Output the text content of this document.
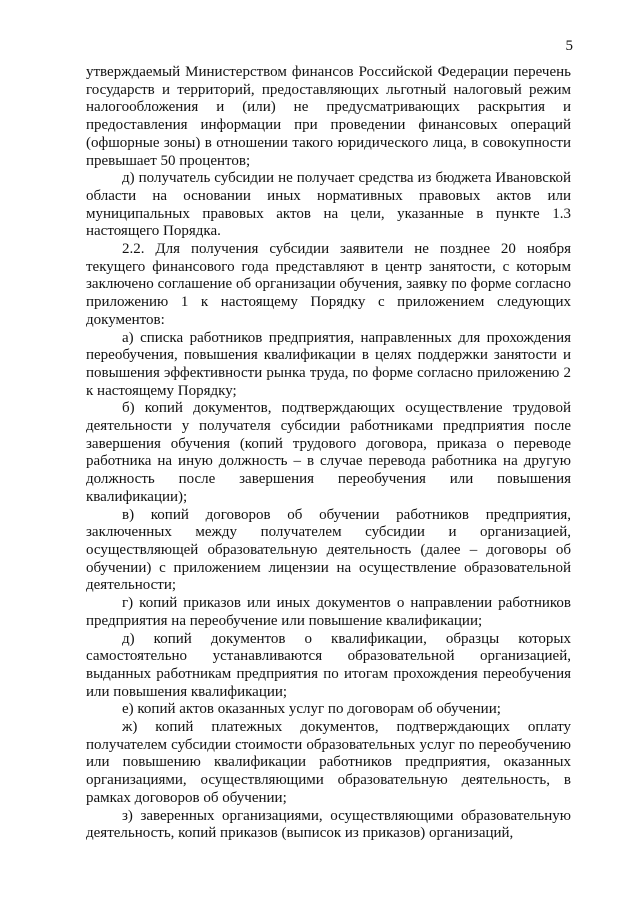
5

утверждаемый Министерством финансов Российской Федерации перечень государств и территорий, предоставляющих льготный налоговый режим налогообложения и (или) не предусматривающих раскрытия и предоставления информации при проведении финансовых операций (офшорные зоны) в отношении такого юридического лица, в совокупности превышает 50 процентов;

д) получатель субсидии не получает средства из бюджета Ивановской области на основании иных нормативных правовых актов или муниципальных правовых актов на цели, указанные в пункте 1.3 настоящего Порядка.

2.2. Для получения субсидии заявители не позднее 20 ноября текущего финансового года представляют в центр занятости, с которым заключено соглашение об организации обучения, заявку по форме согласно приложению 1 к настоящему Порядку с приложением следующих документов:

а) списка работников предприятия, направленных для прохождения переобучения, повышения квалификации в целях поддержки занятости и повышения эффективности рынка труда, по форме согласно приложению 2 к настоящему Порядку;

б) копий документов, подтверждающих осуществление трудовой деятельности у получателя субсидии работниками предприятия после завершения обучения (копий трудового договора, приказа о переводе работника на иную должность – в случае перевода работника на другую должность после завершения переобучения или повышения квалификации);

в) копий договоров об обучении работников предприятия, заключенных между получателем субсидии и организацией, осуществляющей образовательную деятельность (далее – договоры об обучении) с приложением лицензии на осуществление образовательной деятельности;

г) копий приказов или иных документов о направлении работников предприятия на переобучение или повышение квалификации;

д) копий документов о квалификации, образцы которых самостоятельно устанавливаются образовательной организацией, выданных работникам предприятия по итогам прохождения переобучения или повышения квалификации;

е) копий актов оказанных услуг по договорам об обучении;

ж) копий платежных документов, подтверждающих оплату получателем субсидии стоимости образовательных услуг по переобучению или повышению квалификации работников предприятия, оказанных организациями, осуществляющими образовательную деятельность, в рамках договоров об обучении;

з) заверенных организациями, осуществляющими образовательную деятельность, копий приказов (выписок из приказов) организаций,
